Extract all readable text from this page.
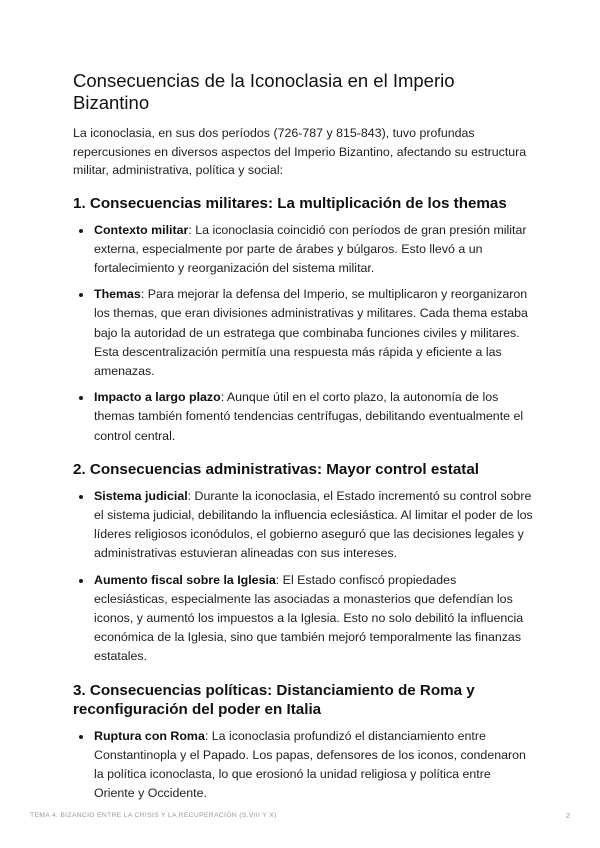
Consecuencias de la Iconoclasia en el Imperio Bizantino

La iconoclasia, en sus dos períodos (726-787 y 815-843), tuvo profundas repercusiones en diversos aspectos del Imperio Bizantino, afectando su estructura militar, administrativa, política y social:

1. Consecuencias militares: La multiplicación de los themas
Contexto militar: La iconoclasia coincidió con períodos de gran presión militar externa, especialmente por parte de árabes y búlgaros. Esto llevó a un fortalecimiento y reorganización del sistema militar.
Themas: Para mejorar la defensa del Imperio, se multiplicaron y reorganizaron los themas, que eran divisiones administrativas y militares. Cada thema estaba bajo la autoridad de un estratega que combinaba funciones civiles y militares. Esta descentralización permitía una respuesta más rápida y eficiente a las amenazas.
Impacto a largo plazo: Aunque útil en el corto plazo, la autonomía de los themas también fomentó tendencias centrífugas, debilitando eventualmente el control central.
2. Consecuencias administrativas: Mayor control estatal
Sistema judicial: Durante la iconoclasia, el Estado incrementó su control sobre el sistema judicial, debilitando la influencia eclesiástica. Al limitar el poder de los líderes religiosos iconódulos, el gobierno aseguró que las decisiones legales y administrativas estuvieran alineadas con sus intereses.
Aumento fiscal sobre la Iglesia: El Estado confiscó propiedades eclesiásticas, especialmente las asociadas a monasterios que defendían los iconos, y aumentó los impuestos a la Iglesia. Esto no solo debilitó la influencia económica de la Iglesia, sino que también mejoró temporalmente las finanzas estatales.
3. Consecuencias políticas: Distanciamiento de Roma y reconfiguración del poder en Italia
Ruptura con Roma: La iconoclasia profundizó el distanciamiento entre Constantinopla y el Papado. Los papas, defensores de los iconos, condenaron la política iconoclasta, lo que erosionó la unidad religiosa y política entre Oriente y Occidente.
TEMA 4: BIZANCIO ENTRE LA CRISIS Y LA RECUPERACIÓN (S.VIII Y X)	2
